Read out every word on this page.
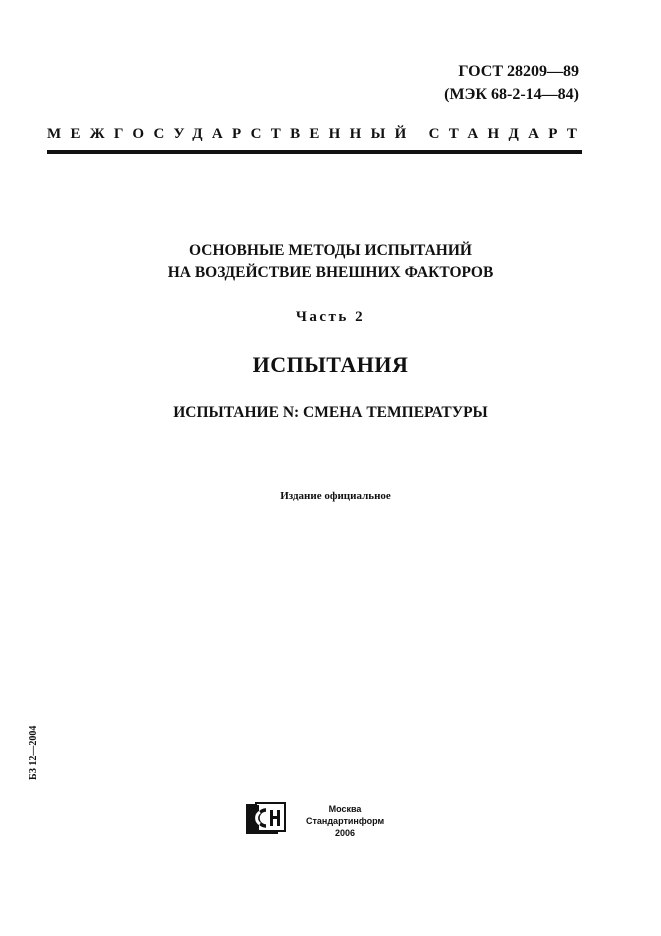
ГОСТ 28209—89
(МЭК 68-2-14—84)
МЕЖГОСУДАРСТВЕННЫЙ СТАНДАРТ
ОСНОВНЫЕ МЕТОДЫ ИСПЫТАНИЙ
НА ВОЗДЕЙСТВИЕ ВНЕШНИХ ФАКТОРОВ
Часть 2
ИСПЫТАНИЯ
ИСПЫТАНИЕ N: СМЕНА ТЕМПЕРАТУРЫ
Издание официальное
БЗ 12—2004
Москва
Стандартинформ
2006
